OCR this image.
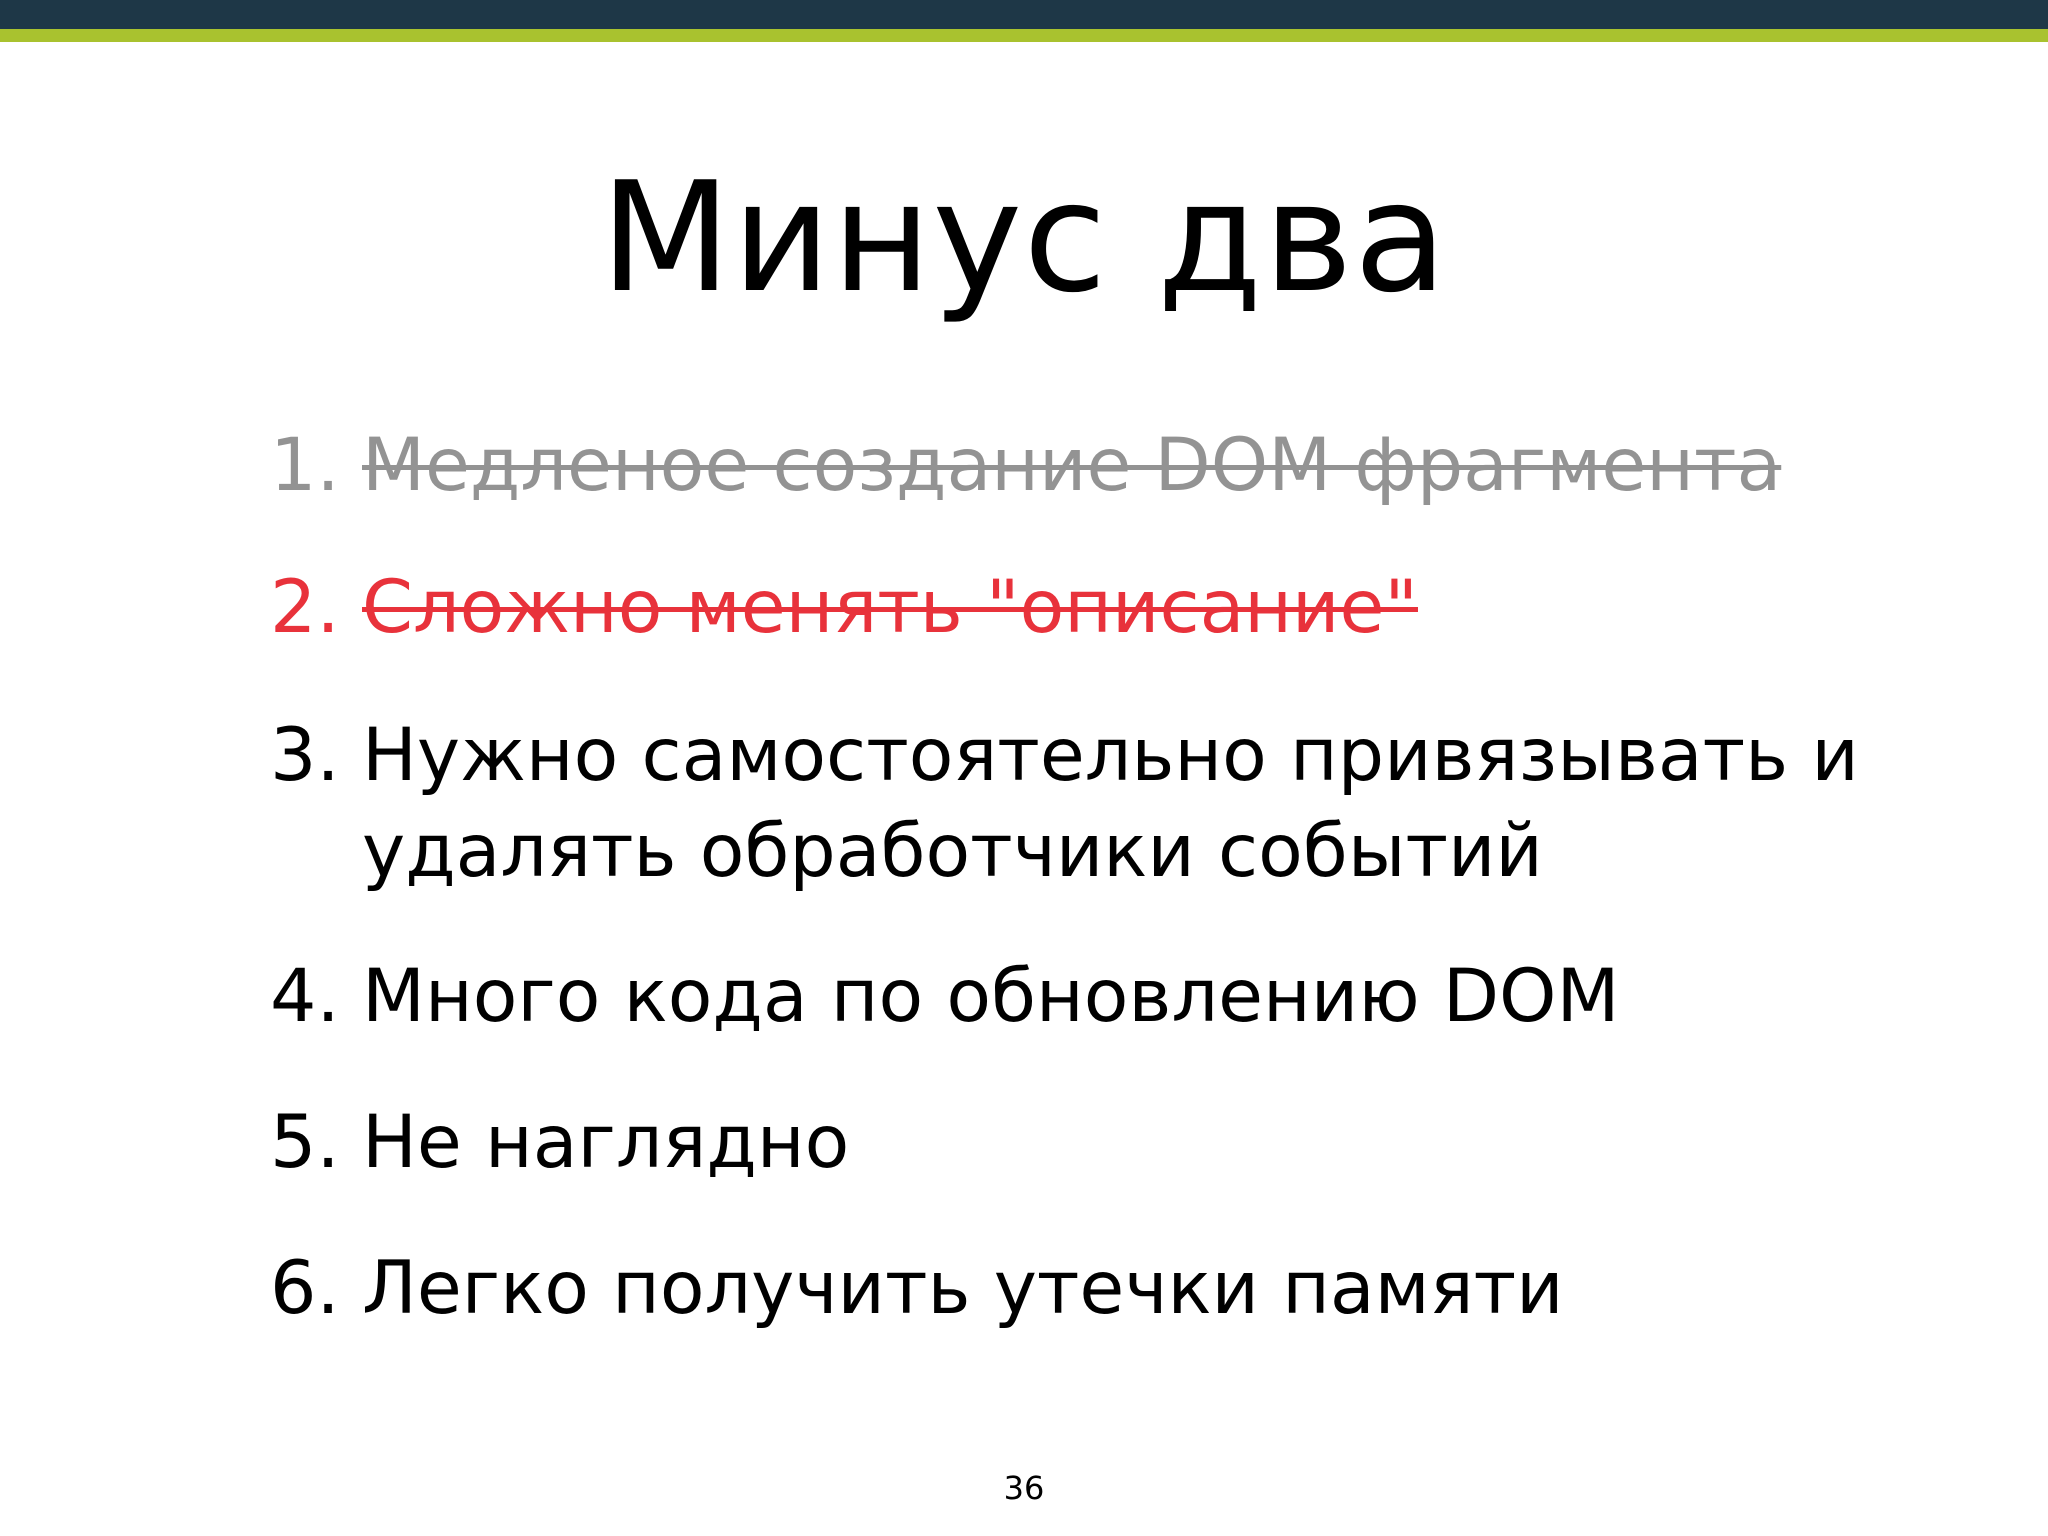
Минус два
1. Медленое создание DOM фрагмента
2. Сложно менять "описание"
3. Нужно самостоятельно привязывать и
удалять обработчики событий
4. Много кода по обновлению DOM
5. Не наглядно
6. Легко получить утечки памяти
36
